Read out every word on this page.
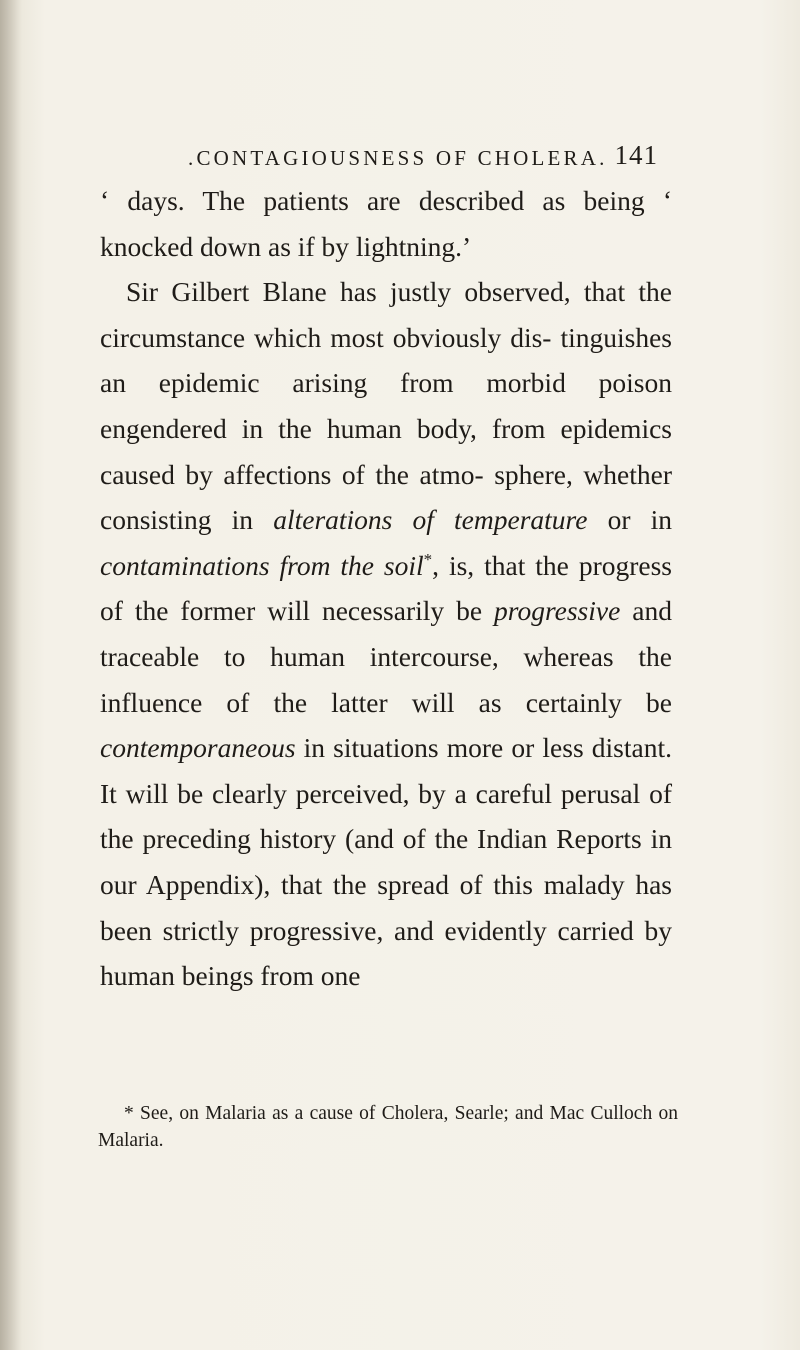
.CONTAGIOUSNESS OF CHOLERA. 141

‘ days. The patients are described as being ‘ knocked down as if by lightning.’

Sir Gilbert Blane has justly observed, that the circumstance which most obviously dis- tinguishes an epidemic arising from morbid poison engendered in the human body, from epidemics caused by affections of the atmo- sphere, whether consisting in alterations of temperature or in contaminations from the soil*, is, that the progress of the former will necessarily be progressive and traceable to human intercourse, whereas the influence of the latter will as certainly be contemporaneous in situations more or less distant. It will be clearly perceived, by a careful perusal of the preceding history (and of the Indian Reports in our Appendix), that the spread of this malady has been strictly progressive, and evidently carried by human beings from one

* See, on Malaria as a cause of Cholera, Searle; and Mac Culloch on Malaria.
